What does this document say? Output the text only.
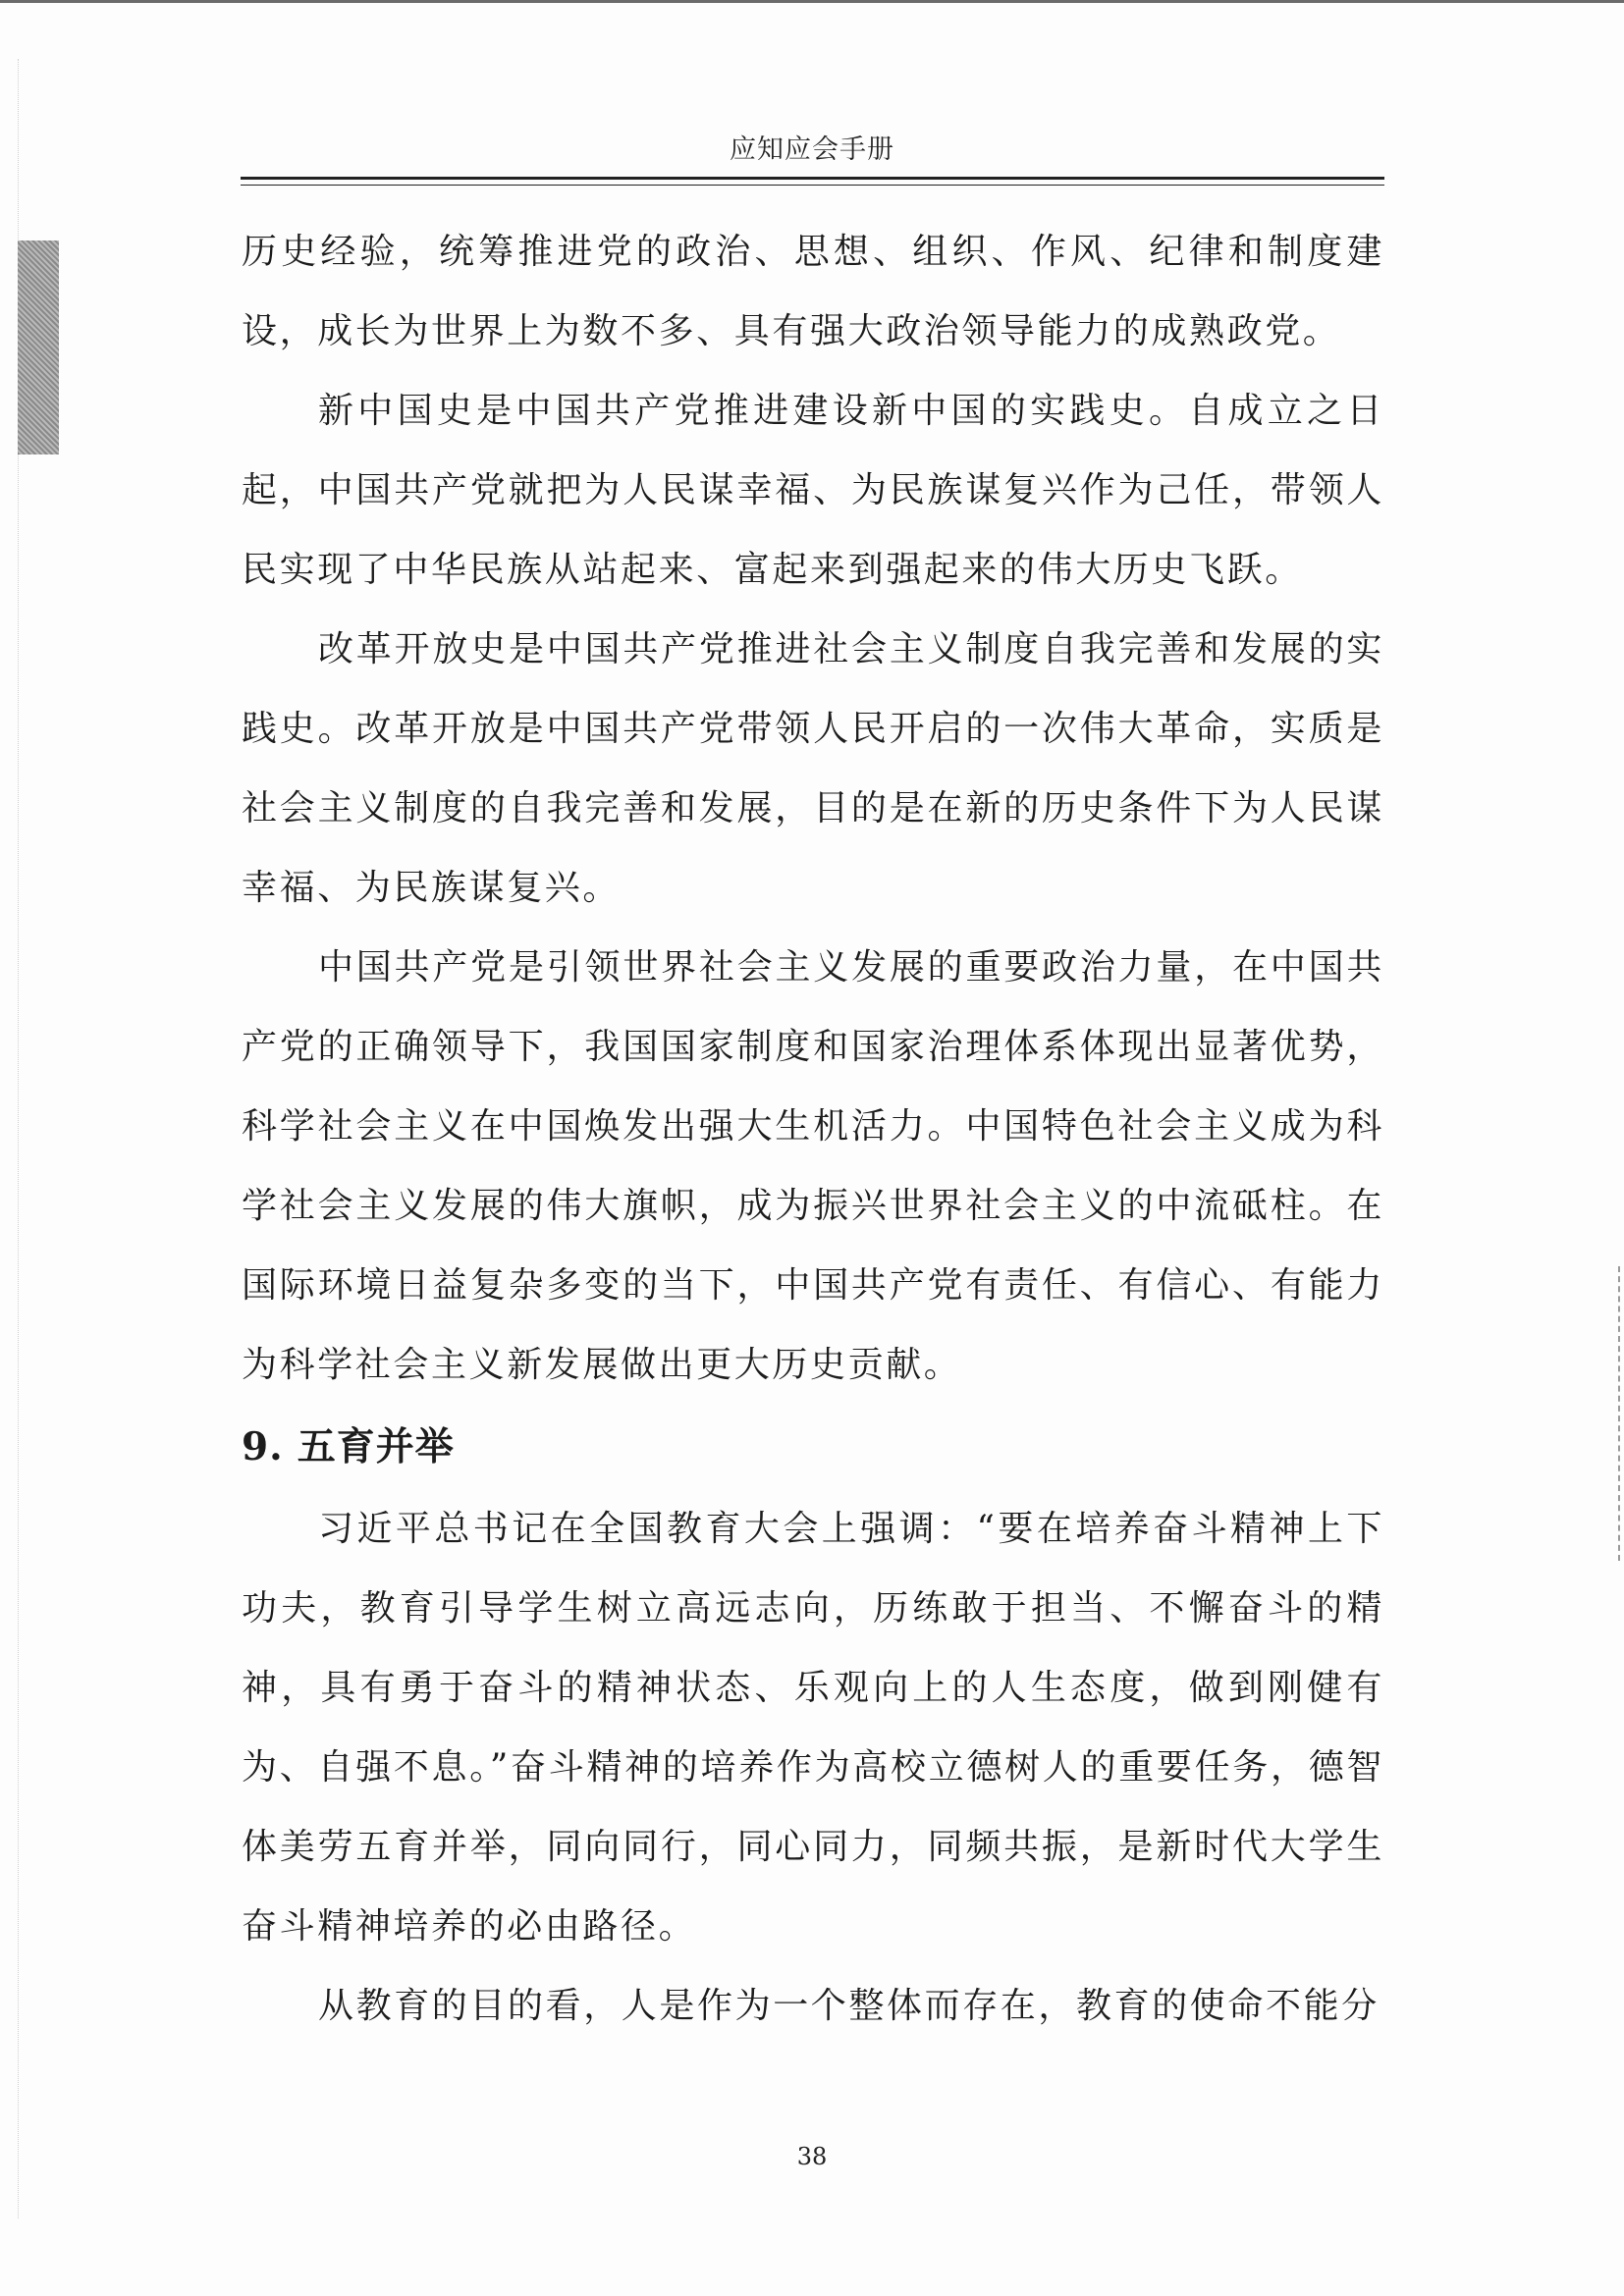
应知应会手册

历史经验，统筹推进党的政治、思想、组织、作风、纪律和制度建设，成长为世界上为数不多、具有强大政治领导能力的成熟政党。

新中国史是中国共产党推进建设新中国的实践史。自成立之日起，中国共产党就把为人民谋幸福、为民族谋复兴作为己任，带领人民实现了中华民族从站起来、富起来到强起来的伟大历史飞跃。

改革开放史是中国共产党推进社会主义制度自我完善和发展的实践史。改革开放是中国共产党带领人民开启的一次伟大革命，实质是社会主义制度的自我完善和发展，目的是在新的历史条件下为人民谋幸福、为民族谋复兴。

中国共产党是引领世界社会主义发展的重要政治力量，在中国共产党的正确领导下，我国国家制度和国家治理体系体现出显著优势，科学社会主义在中国焕发出强大生机活力。中国特色社会主义成为科学社会主义发展的伟大旗帜，成为振兴世界社会主义的中流砥柱。在国际环境日益复杂多变的当下，中国共产党有责任、有信心、有能力为科学社会主义新发展做出更大历史贡献。

9. 五育并举

习近平总书记在全国教育大会上强调：“要在培养奋斗精神上下功夫，教育引导学生树立高远志向，历练敢于担当、不懈奋斗的精神，具有勇于奋斗的精神状态、乐观向上的人生态度，做到刚健有为、自强不息。”奋斗精神的培养作为高校立德树人的重要任务，德智体美劳五育并举，同向同行，同心同力，同频共振，是新时代大学生奋斗精神培养的必由路径。

从教育的目的看，人是作为一个整体而存在，教育的使命不能分

38
